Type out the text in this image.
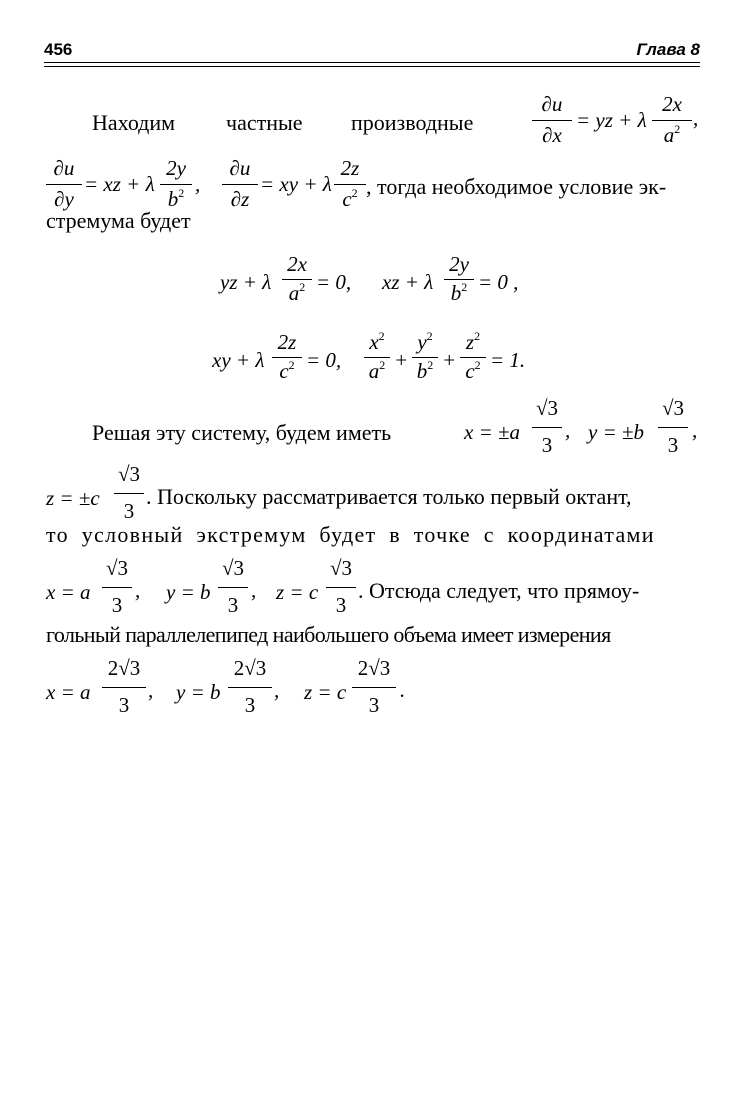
456	Глава 8
Находим частные производные
∂u
∂x
= yz + λ
2x
$a^2$ ,
∂u
∂y
= xz + λ
2y
$b^2$ ,
∂u
∂z
= xy + λ
2z
$c^2$ , тогда необходимое условие эк-
стремума будет
yz + λ
2x
$a^2 = 0$, xz + λ
2y
$b^2 = 0$ ,
xy + λ
2z
$c^2 = 0$,
$x^2$
$a^2$ +
$y^2$
$b^2$ +
$z^2$
$c^2 = 1$.
Решая эту систему, будем иметь	x = ±a
√3
3
, y = ±b
√3
3
,
z = ±c
√3
3
. Поскольку рассматривается только первый октант,
то условный экстремум будет в точке с координатами
x = a
√3
3
, y = b
√3
3
, z = c
√3
3
. Отсюда следует, что прямоу-
гольный параллелепипед наибольшего объема имеет измерения
x = a
2√3
3
, y = b
2√3
3
, z = c
2√3
3
.
